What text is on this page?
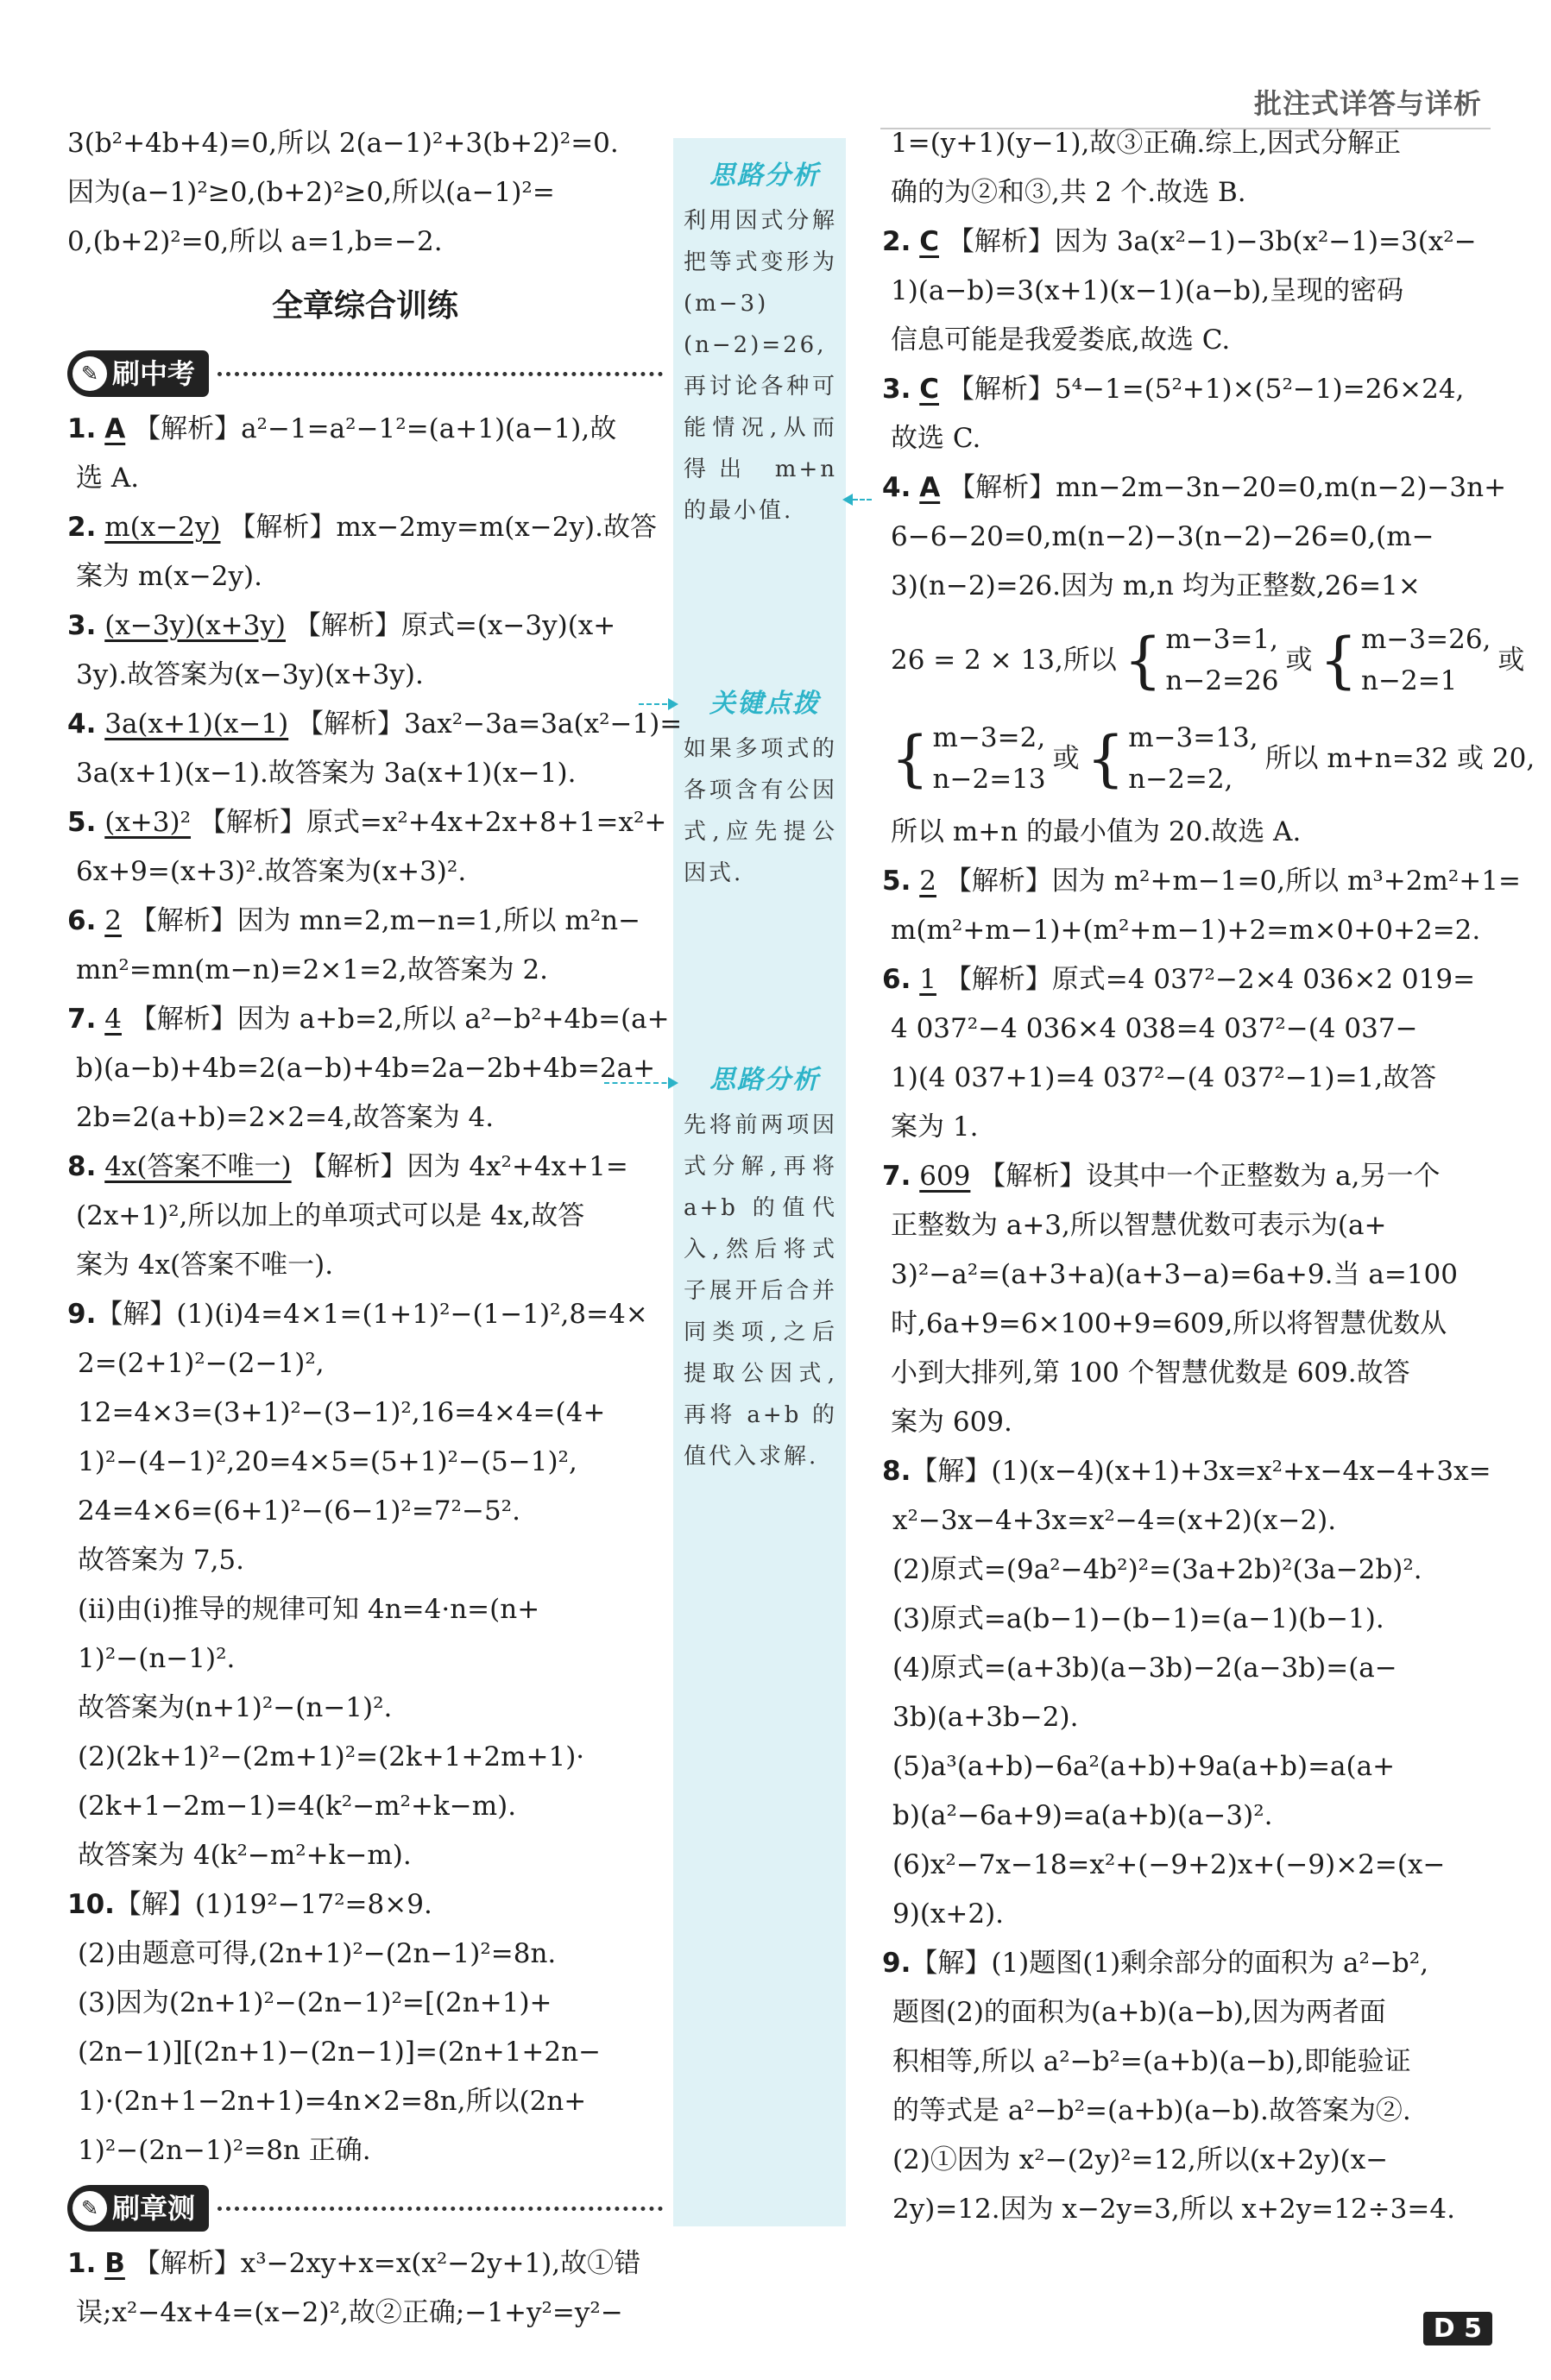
批注式详答与详析
思路分析
利用因式分解把等式变形为(m−3)(n−2)=26,再讨论各种可能情况,从而得出 m+n 的最小值.
关键点拨
如果多项式的各项含有公因式,应先提公因式.
思路分析
先将前两项因式分解,再将 a+b 的值代入,然后将式子展开后合并同类项,之后提取公因式,再将 a+b 的值代入求解.
3(b²+4b+4)=0,所以 2(a−1)²+3(b+2)²=0.
因为(a−1)²≥0,(b+2)²≥0,所以(a−1)²=
0,(b+2)²=0,所以 a=1,b=−2.
全章综合训练
✎ 刷中考
1. A 【解析】a²−1=a²−1²=(a+1)(a−1),故
选 A.
2. m(x−2y) 【解析】mx−2my=m(x−2y).故答
案为 m(x−2y).
3. (x−3y)(x+3y) 【解析】原式=(x−3y)(x+
3y).故答案为(x−3y)(x+3y).
4. 3a(x+1)(x−1) 【解析】3ax²−3a=3a(x²−1)=
3a(x+1)(x−1).故答案为 3a(x+1)(x−1).
5. (x+3)² 【解析】原式=x²+4x+2x+8+1=x²+
6x+9=(x+3)².故答案为(x+3)².
6. 2 【解析】因为 mn=2,m−n=1,所以 m²n−
mn²=mn(m−n)=2×1=2,故答案为 2.
7. 4 【解析】因为 a+b=2,所以 a²−b²+4b=(a+
b)(a−b)+4b=2(a−b)+4b=2a−2b+4b=2a+
2b=2(a+b)=2×2=4,故答案为 4.
8. 4x(答案不唯一) 【解析】因为 4x²+4x+1=
(2x+1)²,所以加上的单项式可以是 4x,故答
案为 4x(答案不唯一).
9.【解】(1)(i)4=4×1=(1+1)²−(1−1)²,8=4×
2=(2+1)²−(2−1)²,
12=4×3=(3+1)²−(3−1)²,16=4×4=(4+
1)²−(4−1)²,20=4×5=(5+1)²−(5−1)²,
24=4×6=(6+1)²−(6−1)²=7²−5².
故答案为 7,5.
(ii)由(i)推导的规律可知 4n=4·n=(n+
1)²−(n−1)².
故答案为(n+1)²−(n−1)².
(2)(2k+1)²−(2m+1)²=(2k+1+2m+1)·
(2k+1−2m−1)=4(k²−m²+k−m).
故答案为 4(k²−m²+k−m).
10.【解】(1)19²−17²=8×9.
(2)由题意可得,(2n+1)²−(2n−1)²=8n.
(3)因为(2n+1)²−(2n−1)²=[(2n+1)+
(2n−1)][(2n+1)−(2n−1)]=(2n+1+2n−
1)·(2n+1−2n+1)=4n×2=8n,所以(2n+
1)²−(2n−1)²=8n 正确.
✎ 刷章测
1. B 【解析】x³−2xy+x=x(x²−2y+1),故①错
误;x²−4x+4=(x−2)²,故②正确;−1+y²=y²−
1=(y+1)(y−1),故③正确.综上,因式分解正
确的为②和③,共 2 个.故选 B.
2. C 【解析】因为 3a(x²−1)−3b(x²−1)=3(x²−
1)(a−b)=3(x+1)(x−1)(a−b),呈现的密码
信息可能是我爱娄底,故选 C.
3. C 【解析】5⁴−1=(5²+1)×(5²−1)=26×24,
故选 C.
4. A 【解析】mn−2m−3n−20=0,m(n−2)−3n+
6−6−20=0,m(n−2)−3(n−2)−26=0,(m−
3)(n−2)=26.因为 m,n 均为正整数,26=1×
26 = 2 × 13,所以 { m−3=1,
n−2=26
或 { m−3=26,
n−2=1
或
{ m−3=2,
n−2=13
或 { m−3=13,
n−2=2,
所以 m+n=32 或 20,
所以 m+n 的最小值为 20.故选 A.
5. 2 【解析】因为 m²+m−1=0,所以 m³+2m²+1=
m(m²+m−1)+(m²+m−1)+2=m×0+0+2=2.
6. 1 【解析】原式=4 037²−2×4 036×2 019=
4 037²−4 036×4 038=4 037²−(4 037−
1)(4 037+1)=4 037²−(4 037²−1)=1,故答
案为 1.
7. 609 【解析】设其中一个正整数为 a,另一个
正整数为 a+3,所以智慧优数可表示为(a+
3)²−a²=(a+3+a)(a+3−a)=6a+9.当 a=100
时,6a+9=6×100+9=609,所以将智慧优数从
小到大排列,第 100 个智慧优数是 609.故答
案为 609.
8.【解】(1)(x−4)(x+1)+3x=x²+x−4x−4+3x=
x²−3x−4+3x=x²−4=(x+2)(x−2).
(2)原式=(9a²−4b²)²=(3a+2b)²(3a−2b)².
(3)原式=a(b−1)−(b−1)=(a−1)(b−1).
(4)原式=(a+3b)(a−3b)−2(a−3b)=(a−
3b)(a+3b−2).
(5)a³(a+b)−6a²(a+b)+9a(a+b)=a(a+
b)(a²−6a+9)=a(a+b)(a−3)².
(6)x²−7x−18=x²+(−9+2)x+(−9)×2=(x−
9)(x+2).
9.【解】(1)题图(1)剩余部分的面积为 a²−b²,
题图(2)的面积为(a+b)(a−b),因为两者面
积相等,所以 a²−b²=(a+b)(a−b),即能验证
的等式是 a²−b²=(a+b)(a−b).故答案为②.
(2)①因为 x²−(2y)²=12,所以(x+2y)(x−
2y)=12.因为 x−2y=3,所以 x+2y=12÷3=4.
D 5
